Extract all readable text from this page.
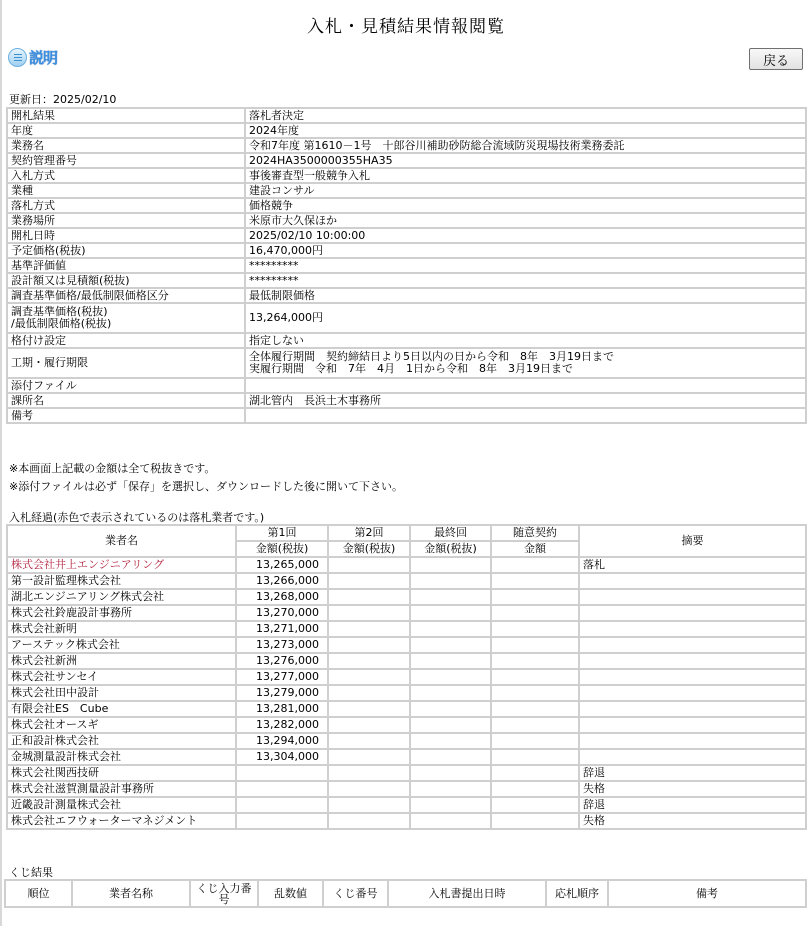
入札・見積結果情報閲覧
説明	戻る
更新日：2025/02/10
開札結果	落札者決定
年度	2024年度
業務名	令和7年度 第1610－1号　十郎谷川補助砂防総合流域防災現場技術業務委託
契約管理番号	2024HA3500000355HA35
入札方式	事後審査型一般競争入札
業種	建設コンサル
落札方式	価格競争
業務場所	米原市大久保ほか
開札日時	2025/02/10 10:00:00
予定価格(税抜)	16,470,000円
基準評価値	*********
設計額又は見積額(税抜)	*********
調査基準価格/最低制限価格区分	最低制限価格
調査基準価格(税抜)
/最低制限価格(税抜)	13,264,000円
格付け設定	指定しない
工期・履行期限	全体履行期間　契約締結日より5日以内の日から令和　8年　3月19日まで
実履行期間　令和　7年　4月　1日から令和　8年　3月19日まで
添付ファイル	
課所名	湖北管内　長浜土木事務所
備考	
※本画面上記載の金額は全て税抜きです。
※添付ファイルは必ず「保存」を選択し、ダウンロードした後に開いて下さい。
入札経過(赤色で表示されているのは落札業者です。)
業者名	第1回	第2回	最終回	随意契約	摘要
	金額(税抜)	金額(税抜)	金額(税抜)	金額	
株式会社井上エンジニアリング	13,265,000				落札
第一設計監理株式会社	13,266,000				
湖北エンジニアリング株式会社	13,268,000				
株式会社鈴鹿設計事務所	13,270,000				
株式会社新明	13,271,000				
アーステック株式会社	13,273,000				
株式会社新洲	13,276,000				
株式会社サンセイ	13,277,000				
株式会社田中設計	13,279,000				
有限会社ES　Cube	13,281,000				
株式会社オースギ	13,282,000				
正和設計株式会社	13,294,000				
金城測量設計株式会社	13,304,000				
株式会社関西技研					辞退
株式会社滋賀測量設計事務所					失格
近畿設計測量株式会社					辞退
株式会社エフウォーターマネジメント					失格
くじ結果
順位	業者名称	くじ入力番号	乱数値	くじ番号	入札書提出日時	応札順序	備考
